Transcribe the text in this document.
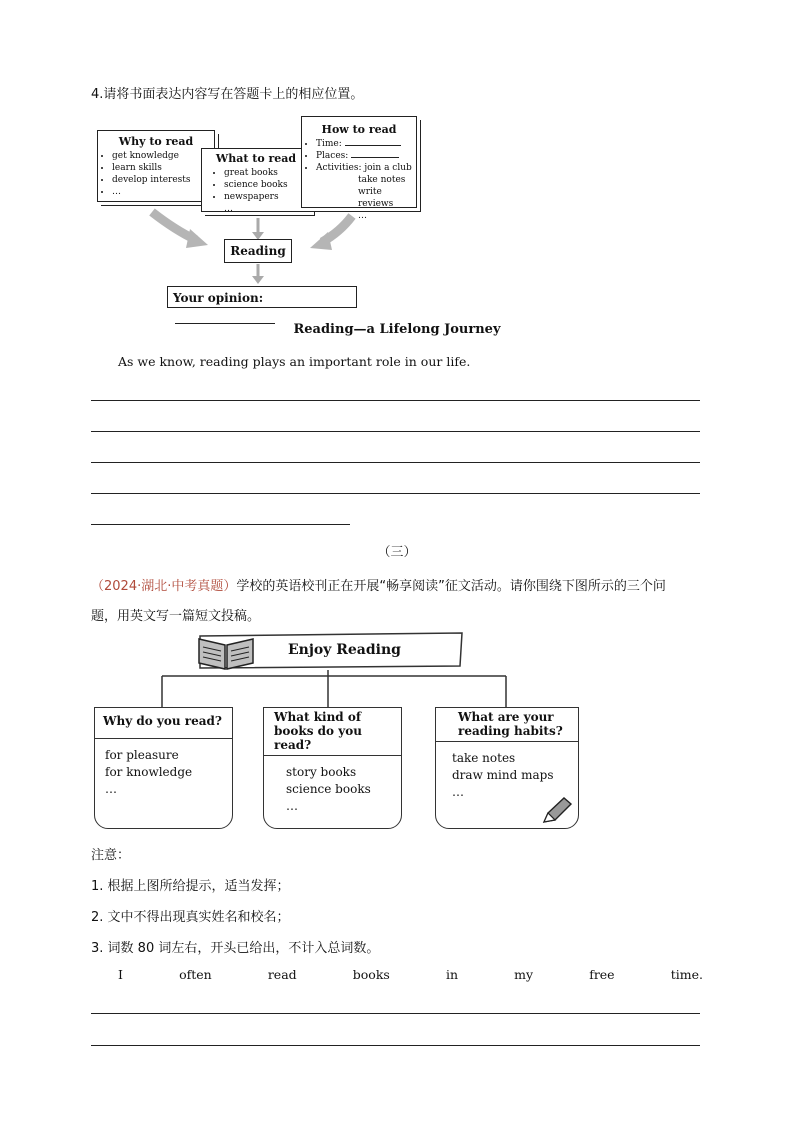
4.请将书面表达内容写在答题卡上的相应位置。
Why to read
• get knowledge
• learn skills
• develop interests
• …
What to read
• great books
• science books
• newspapers
…
How to read
• Time:
• Places:
• Activities: join a club
take notes
write reviews
…
Reading
Your opinion:
Reading—a Lifelong Journey
As we know, reading plays an important role in our life.
（三）
（2024·湖北·中考真题）学校的英语校刊正在开展“畅享阅读”征文活动。请你围绕下图所示的三个问
题，用英文写一篇短文投稿。
Enjoy Reading
Why do you read?
for pleasure
for knowledge
…
What kind of books do you read?
story books
science books
…
What are your reading habits?
take notes
draw mind maps
…
注意：
1. 根据上图所给提示，适当发挥；
2. 文中不得出现真实姓名和校名；
3. 词数 80 词左右，开头已给出，不计入总词数。
I	often	read	books	in	my	free	time.
